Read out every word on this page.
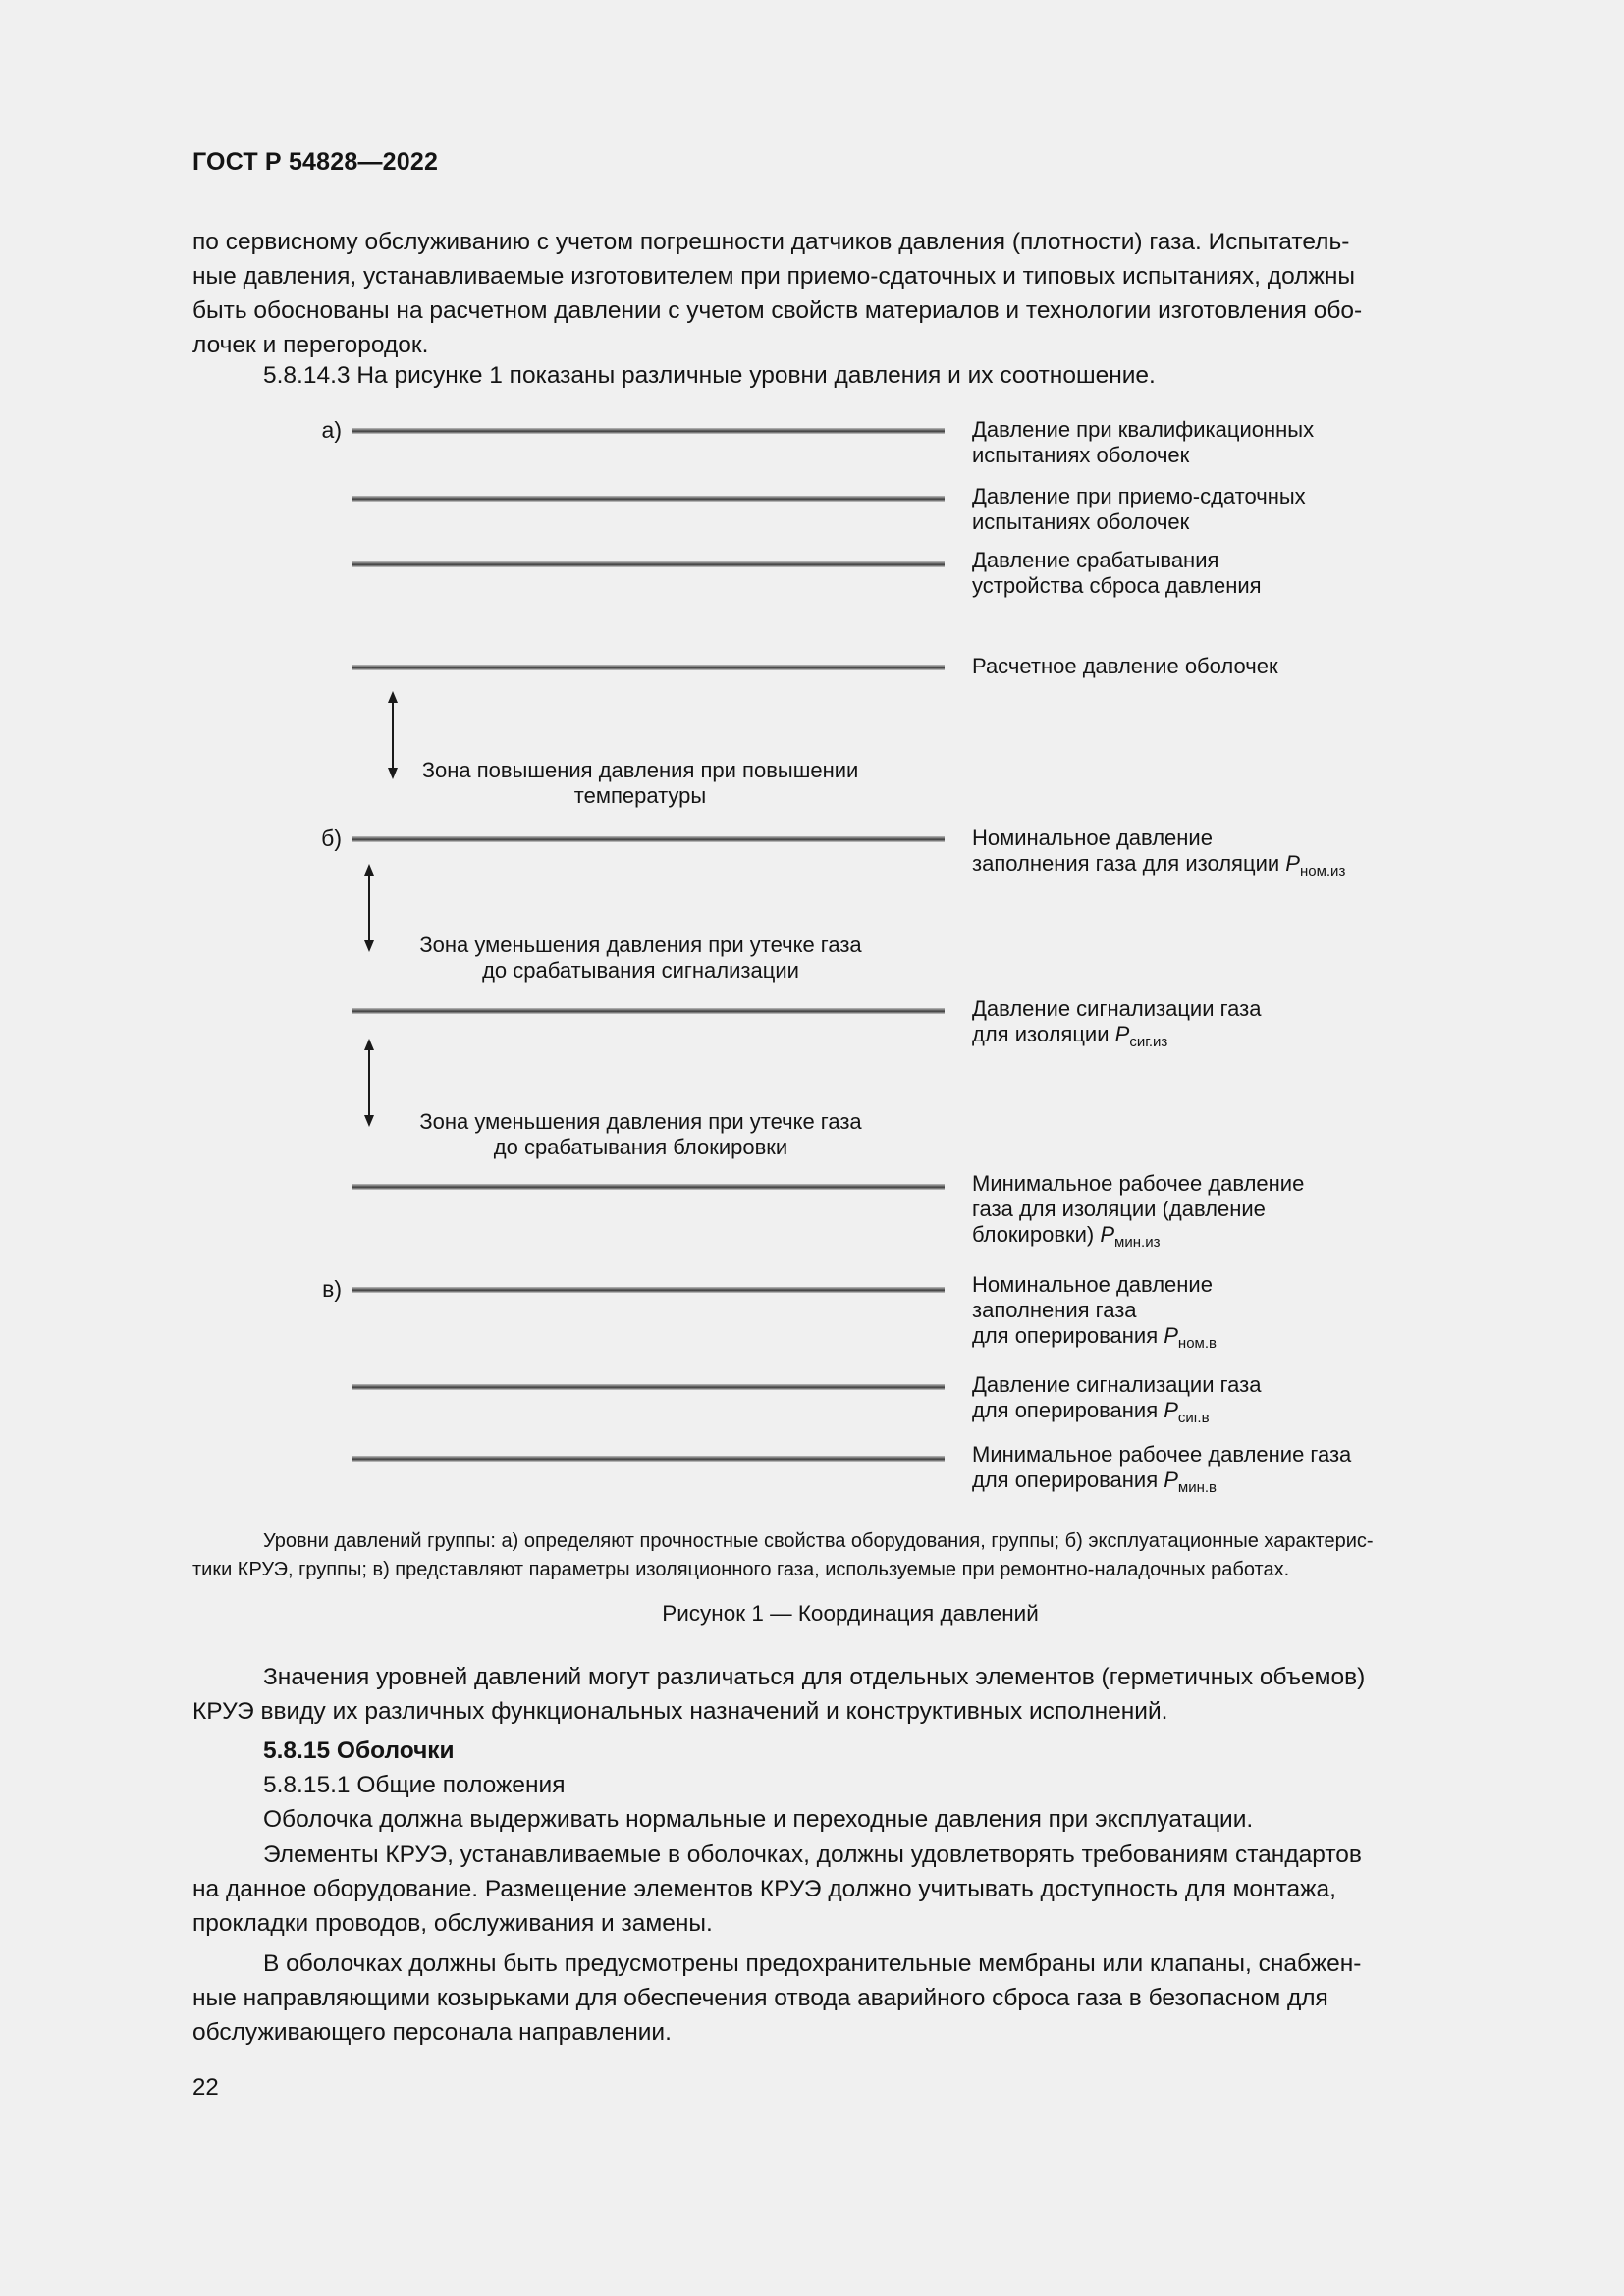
ГОСТ Р 54828—2022
по сервисному обслуживанию с учетом погрешности датчиков давления (плотности) газа. Испытатель-
ные давления, устанавливаемые изготовителем при приемо-сдаточных и типовых испытаниях, должны
быть обоснованы на расчетном давлении с учетом свойств материалов и технологии изготовления обо-
лочек и перегородок.
5.8.14.3 На рисунке 1 показаны различные уровни давления и их соотношение.
а)
б)
в)
Давление при квалификационных
испытаниях оболочек
Давление при приемо-сдаточных
испытаниях оболочек
Давление срабатывания
устройства сброса давления
Расчетное давление оболочек
Номинальное давление
заполнения газа для изоляции $P_{ном.из}$
Давление сигнализации газа
для изоляции $P_{сиг.из}$
Минимальное рабочее давление
газа для изоляции (давление
блокировки) $P_{мин.из}$
Номинальное давление
заполнения газа
для оперирования $P_{ном.в}$
Давление сигнализации газа
для оперирования $P_{сиг.в}$
Минимальное рабочее давление газа
для оперирования $P_{мин.в}$
Зона повышения давления при повышении
температуры
Зона уменьшения давления при утечке газа
до срабатывания сигнализации
Зона уменьшения давления при утечке газа
до срабатывания блокировки
Уровни давлений группы: а) определяют прочностные свойства оборудования, группы; б) эксплуатационные характерис-
тики КРУЭ, группы; в) представляют параметры изоляционного газа, используемые при ремонтно-наладочных работах.
Рисунок 1 — Координация давлений
Значения уровней давлений могут различаться для отдельных элементов (герметичных объемов)
КРУЭ ввиду их различных функциональных назначений и конструктивных исполнений.
5.8.15 Оболочки
5.8.15.1 Общие положения
Оболочка должна выдерживать нормальные и переходные давления при эксплуатации.
Элементы КРУЭ, устанавливаемые в оболочках, должны удовлетворять требованиям стандартов
на данное оборудование. Размещение элементов КРУЭ должно учитывать доступность для монтажа,
прокладки проводов, обслуживания и замены.
В оболочках должны быть предусмотрены предохранительные мембраны или клапаны, снабжен-
ные направляющими козырьками для обеспечения отвода аварийного сброса газа в безопасном для
обслуживающего персонала направлении.
22
